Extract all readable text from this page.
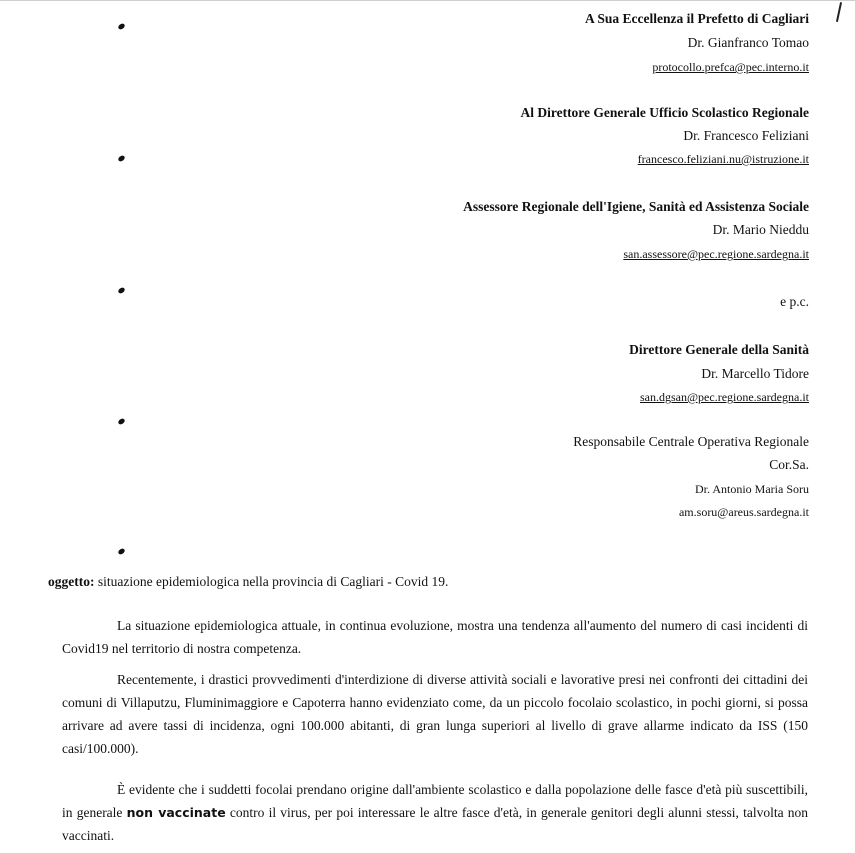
A Sua Eccellenza il Prefetto di Cagliari
Dr. Gianfranco Tomao
protocollo.prefca@pec.interno.it
Al Direttore Generale Ufficio Scolastico Regionale
Dr. Francesco Feliziani
francesco.feliziani.nu@istruzione.it
Assessore Regionale dell'Igiene, Sanità ed Assistenza Sociale
Dr. Mario Nieddu
san.assessore@pec.regione.sardegna.it
e p.c.
Direttore Generale della Sanità
Dr. Marcello Tidore
san.dgsan@pec.regione.sardegna.it
Responsabile Centrale Operativa Regionale
Cor.Sa.
Dr. Antonio Maria Soru
am.soru@areus.sardegna.it
oggetto: situazione epidemiologica nella provincia di Cagliari - Covid 19.

La situazione epidemiologica attuale, in continua evoluzione, mostra una tendenza all'aumento del numero di casi incidenti di Covid19 nel territorio di nostra competenza.

Recentemente, i drastici provvedimenti d'interdizione di diverse attività sociali e lavorative presi nei confronti dei cittadini dei comuni di Villaputzu, Fluminimaggiore e Capoterra hanno evidenziato come, da un piccolo focolaio scolastico, in pochi giorni, si possa arrivare ad avere tassi di incidenza, ogni 100.000 abitanti, di gran lunga superiori al livello di grave allarme indicato da ISS (150 casi/100.000).

È evidente che i suddetti focolai prendano origine dall'ambiente scolastico e dalla popolazione delle fasce d'età più suscettibili, in generale non vaccinate contro il virus, per poi interessare le altre fasce d'età, in generale genitori degli alunni stessi, talvolta non vaccinati.
